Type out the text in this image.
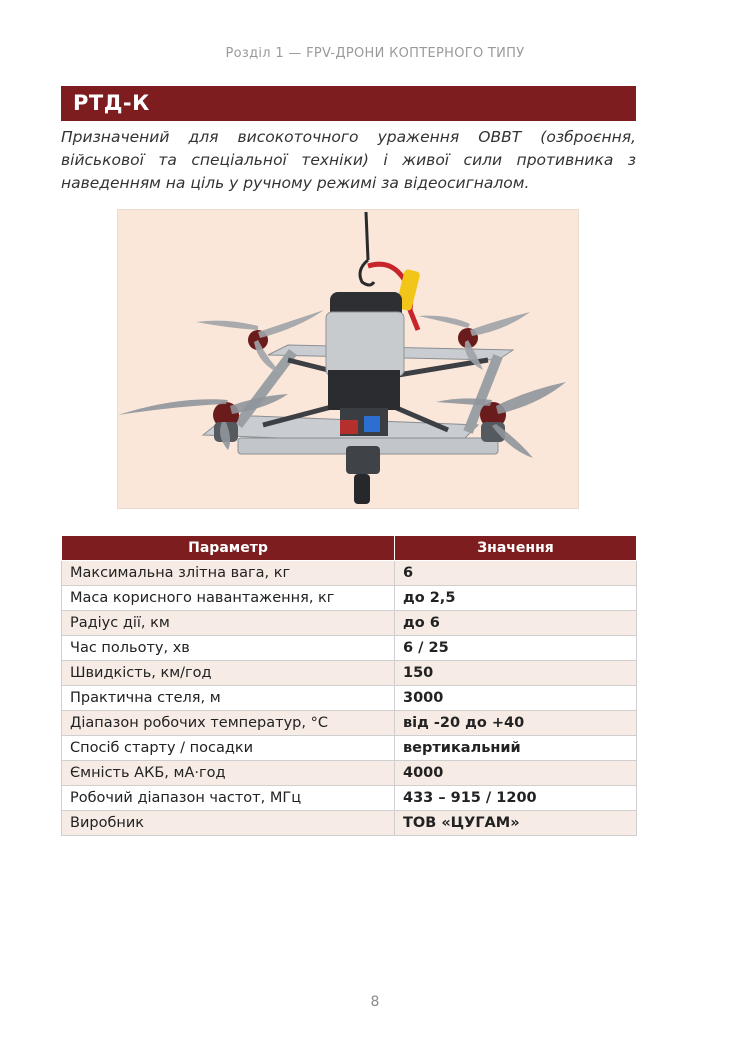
Розділ 1 — FPV-ДРОНИ КОПТЕРНОГО ТИПУ
РТД-К

Призначений для високоточного ураження ОВВТ (озброєння, військової та спеціальної техніки) і живої сили противника з наведенням на ціль у ручному режимі за відеосигналом.

Параметр	Значення
Максимальна злітна вага, кг	6
Маса корисного навантаження, кг	до 2,5
Радіус дії, км	до 6
Час польоту, хв	6 / 25
Швидкість, км/год	150
Практична стеля, м	3000
Діапазон робочих температур, °С	від -20 до +40
Спосіб старту / посадки	вертикальний
Ємність АКБ, мА·год	4000
Робочий діапазон частот, МГц	433 – 915 / 1200
Виробник	ТОВ «ЦУГАМ»
8
